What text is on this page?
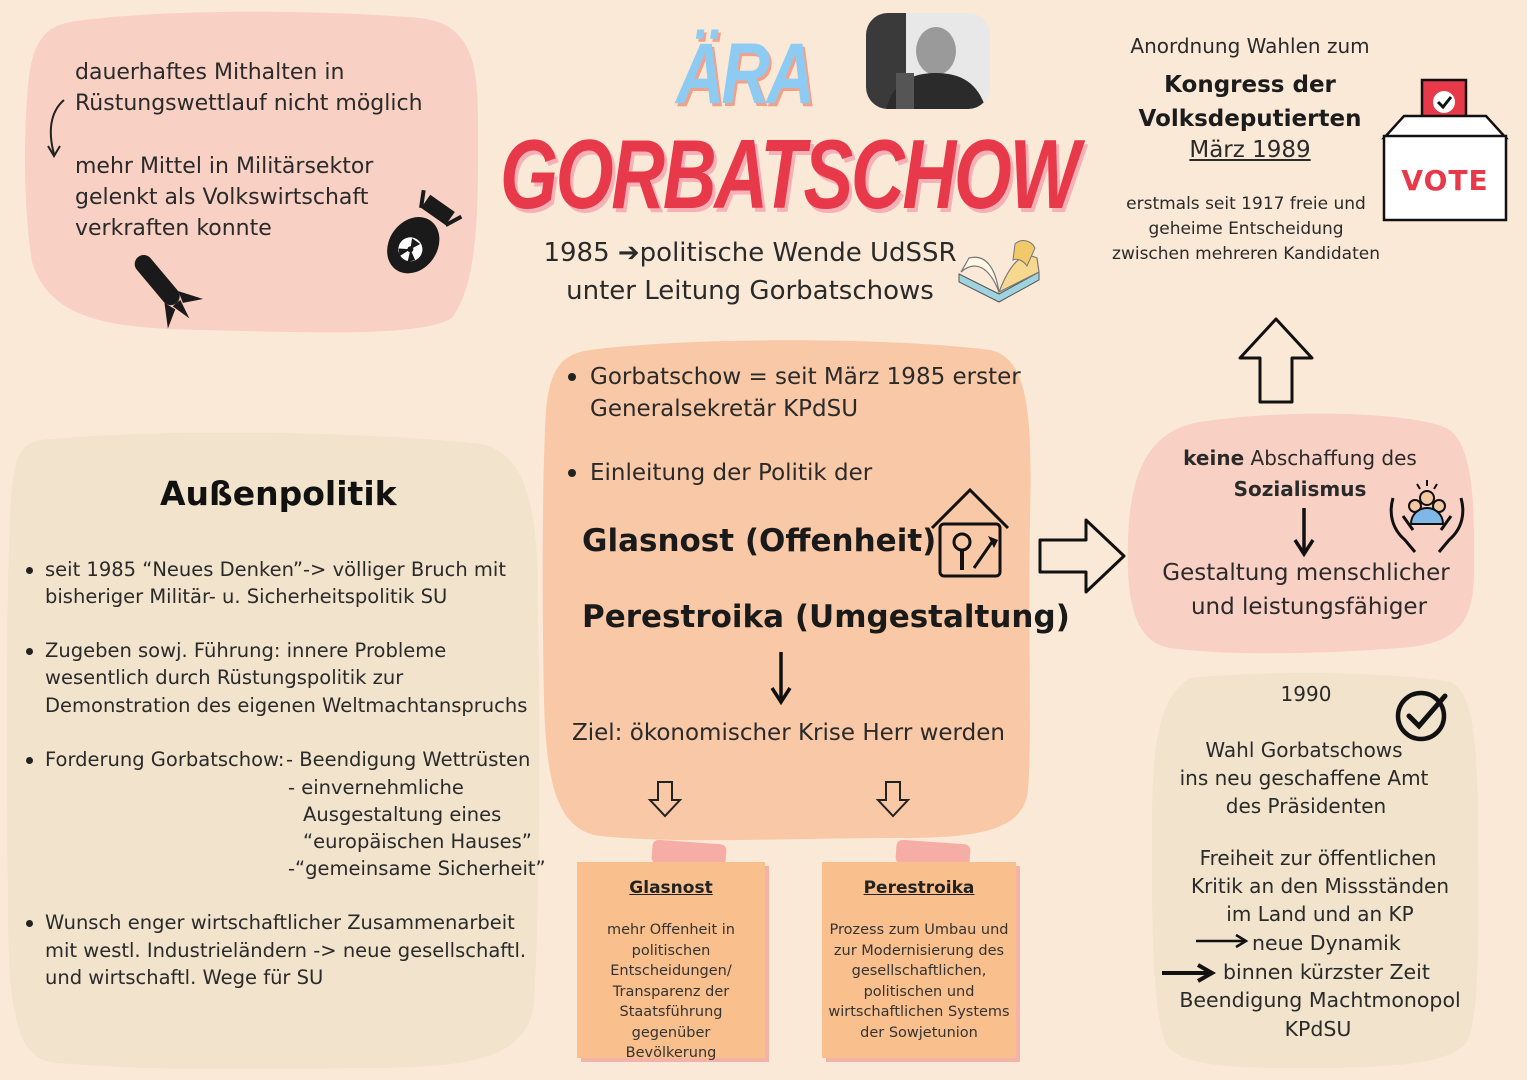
ÄRA
GORBATSCHOW
1985 ➔politische Wende UdSSR
unter Leitung Gorbatschows
dauerhaftes Mithalten in
Rüstungswettlauf nicht möglich
mehr Mittel in Militärsektor
gelenkt als Volkswirtschaft
verkraften konnte
Außenpolitik
seit 1985 “Neues Denken”-> völliger Bruch mit
bisheriger Militär- u. Sicherheitspolitik SU
Zugeben sowj. Führung: innere Probleme
wesentlich durch Rüstungspolitik zur
Demonstration des eigenen Weltmachtanspruchs
Forderung Gorbatschow: - Beendigung Wettrüsten
- einvernehmliche
Ausgestaltung eines
“europäischen Hauses”
-“gemeinsame Sicherheit”
Wunsch enger wirtschaftlicher Zusammenarbeit
mit westl. Industrieländern -> neue gesellschaftl.
und wirtschaftl. Wege für SU
Gorbatschow = seit März 1985 erster
Generalsekretär KPdSU
Einleitung der Politik der
Glasnost (Offenheit)
Perestroika (Umgestaltung)
Ziel: ökonomischer Krise Herr werden
Glasnost
mehr Offenheit in
politischen
Entscheidungen/
Transparenz der
Staatsführung gegenüber
Bevölkerung
Perestroika
Prozess zum Umbau und
zur Modernisierung des
gesellschaftlichen,
politischen und
wirtschaftlichen Systems
der Sowjetunion
Anordnung Wahlen zum
Kongress der
Volksdeputierten
März 1989
erstmals seit 1917 freie und
geheime Entscheidung
zwischen mehreren Kandidaten
VOTE
keine Abschaffung des
Sozialismus
Gestaltung menschlicher
und leistungsfähiger
1990
Wahl Gorbatschows
ins neu geschaffene Amt
des Präsidenten
Freiheit zur öffentlichen
Kritik an den Missständen
im Land und an KP
neue Dynamik
binnen kürzster Zeit
Beendigung Machtmonopol
KPdSU
